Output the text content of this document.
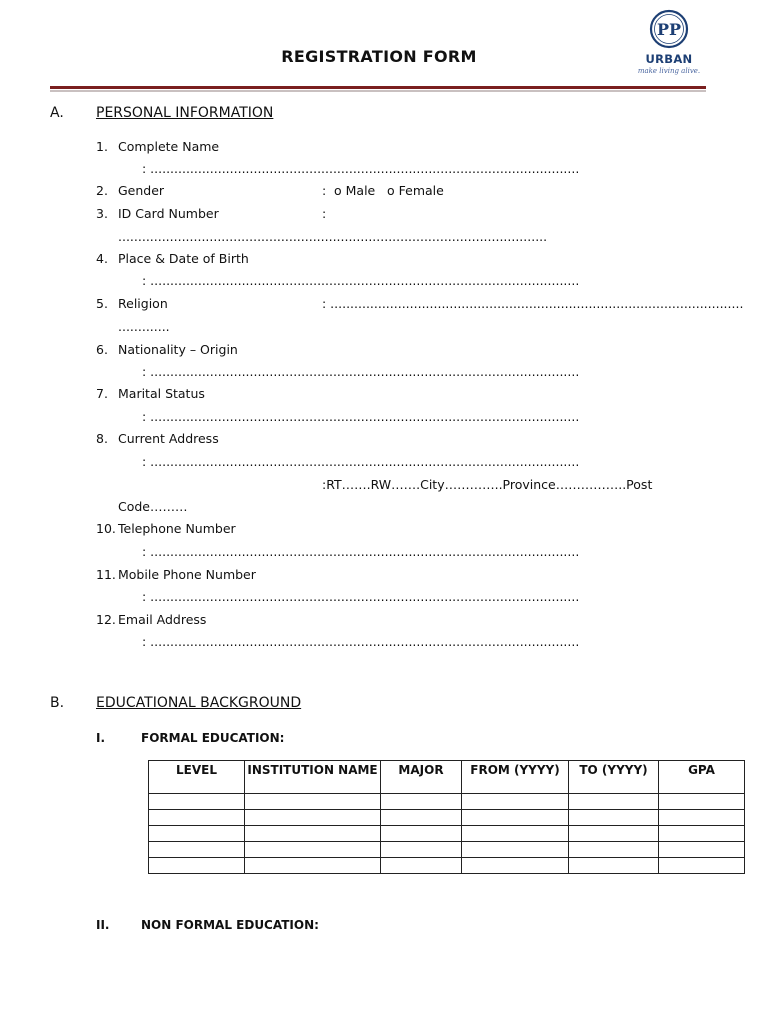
REGISTRATION FORM
PP
URBAN
make living alive.
A. PERSONAL INFORMATION
1. Complete Name
: ............................................................................................................
2. Gender	: o Male o Female
3. ID Card Number	:
............................................................................................................
4. Place & Date of Birth
: ............................................................................................................
5. Religion	: ........................................................................................................
.............
6. Nationality – Origin
: ............................................................................................................
7. Marital Status
: ............................................................................................................
8. Current Address
: ............................................................................................................
:RT…….RW…….City…………..Province……………..Post
Code………
10. Telephone Number
: ............................................................................................................
11. Mobile Phone Number
: ............................................................................................................
12. Email Address
: ............................................................................................................
B. EDUCATIONAL BACKGROUND
I.	FORMAL EDUCATION:
LEVEL	INSTITUTION NAME	MAJOR	FROM (YYYY)	TO (YYYY)	GPA

II.	NON FORMAL EDUCATION:
